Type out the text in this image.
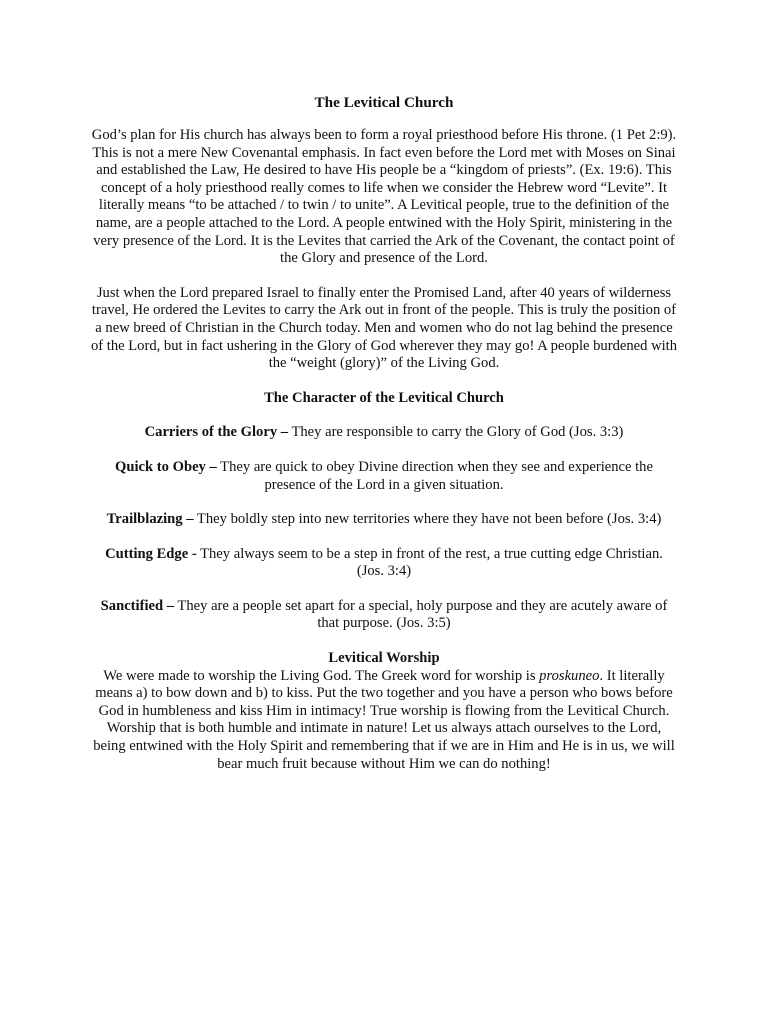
The Levitical Church

God’s plan for His church has always been to form a royal priesthood before His throne. (1 Pet 2:9). This is not a mere New Covenantal emphasis. In fact even before the Lord met with Moses on Sinai and established the Law, He desired to have His people be a “kingdom of priests”. (Ex. 19:6). This concept of a holy priesthood really comes to life when we consider the Hebrew word “Levite”. It literally means “to be attached / to twin / to unite”. A Levitical people, true to the definition of the name, are a people attached to the Lord. A people entwined with the Holy Spirit, ministering in the very presence of the Lord. It is the Levites that carried the Ark of the Covenant, the contact point of the Glory and presence of the Lord.

Just when the Lord prepared Israel to finally enter the Promised Land, after 40 years of wilderness travel, He ordered the Levites to carry the Ark out in front of the people. This is truly the position of a new breed of Christian in the Church today. Men and women who do not lag behind the presence of the Lord, but in fact ushering in the Glory of God wherever they may go! A people burdened with the “weight (glory)” of the Living God.

The Character of the Levitical Church

Carriers of the Glory – They are responsible to carry the Glory of God (Jos. 3:3)

Quick to Obey – They are quick to obey Divine direction when they see and experience the presence of the Lord in a given situation.

Trailblazing – They boldly step into new territories where they have not been before (Jos. 3:4)

Cutting Edge - They always seem to be a step in front of the rest, a true cutting edge Christian. (Jos. 3:4)

Sanctified – They are a people set apart for a special, holy purpose and they are acutely aware of that purpose. (Jos. 3:5)

Levitical Worship

We were made to worship the Living God. The Greek word for worship is proskuneo. It literally means a) to bow down and b) to kiss. Put the two together and you have a person who bows before God in humbleness and kiss Him in intimacy! True worship is flowing from the Levitical Church. Worship that is both humble and intimate in nature! Let us always attach ourselves to the Lord, being entwined with the Holy Spirit and remembering that if we are in Him and He is in us, we will bear much fruit because without Him we can do nothing!
